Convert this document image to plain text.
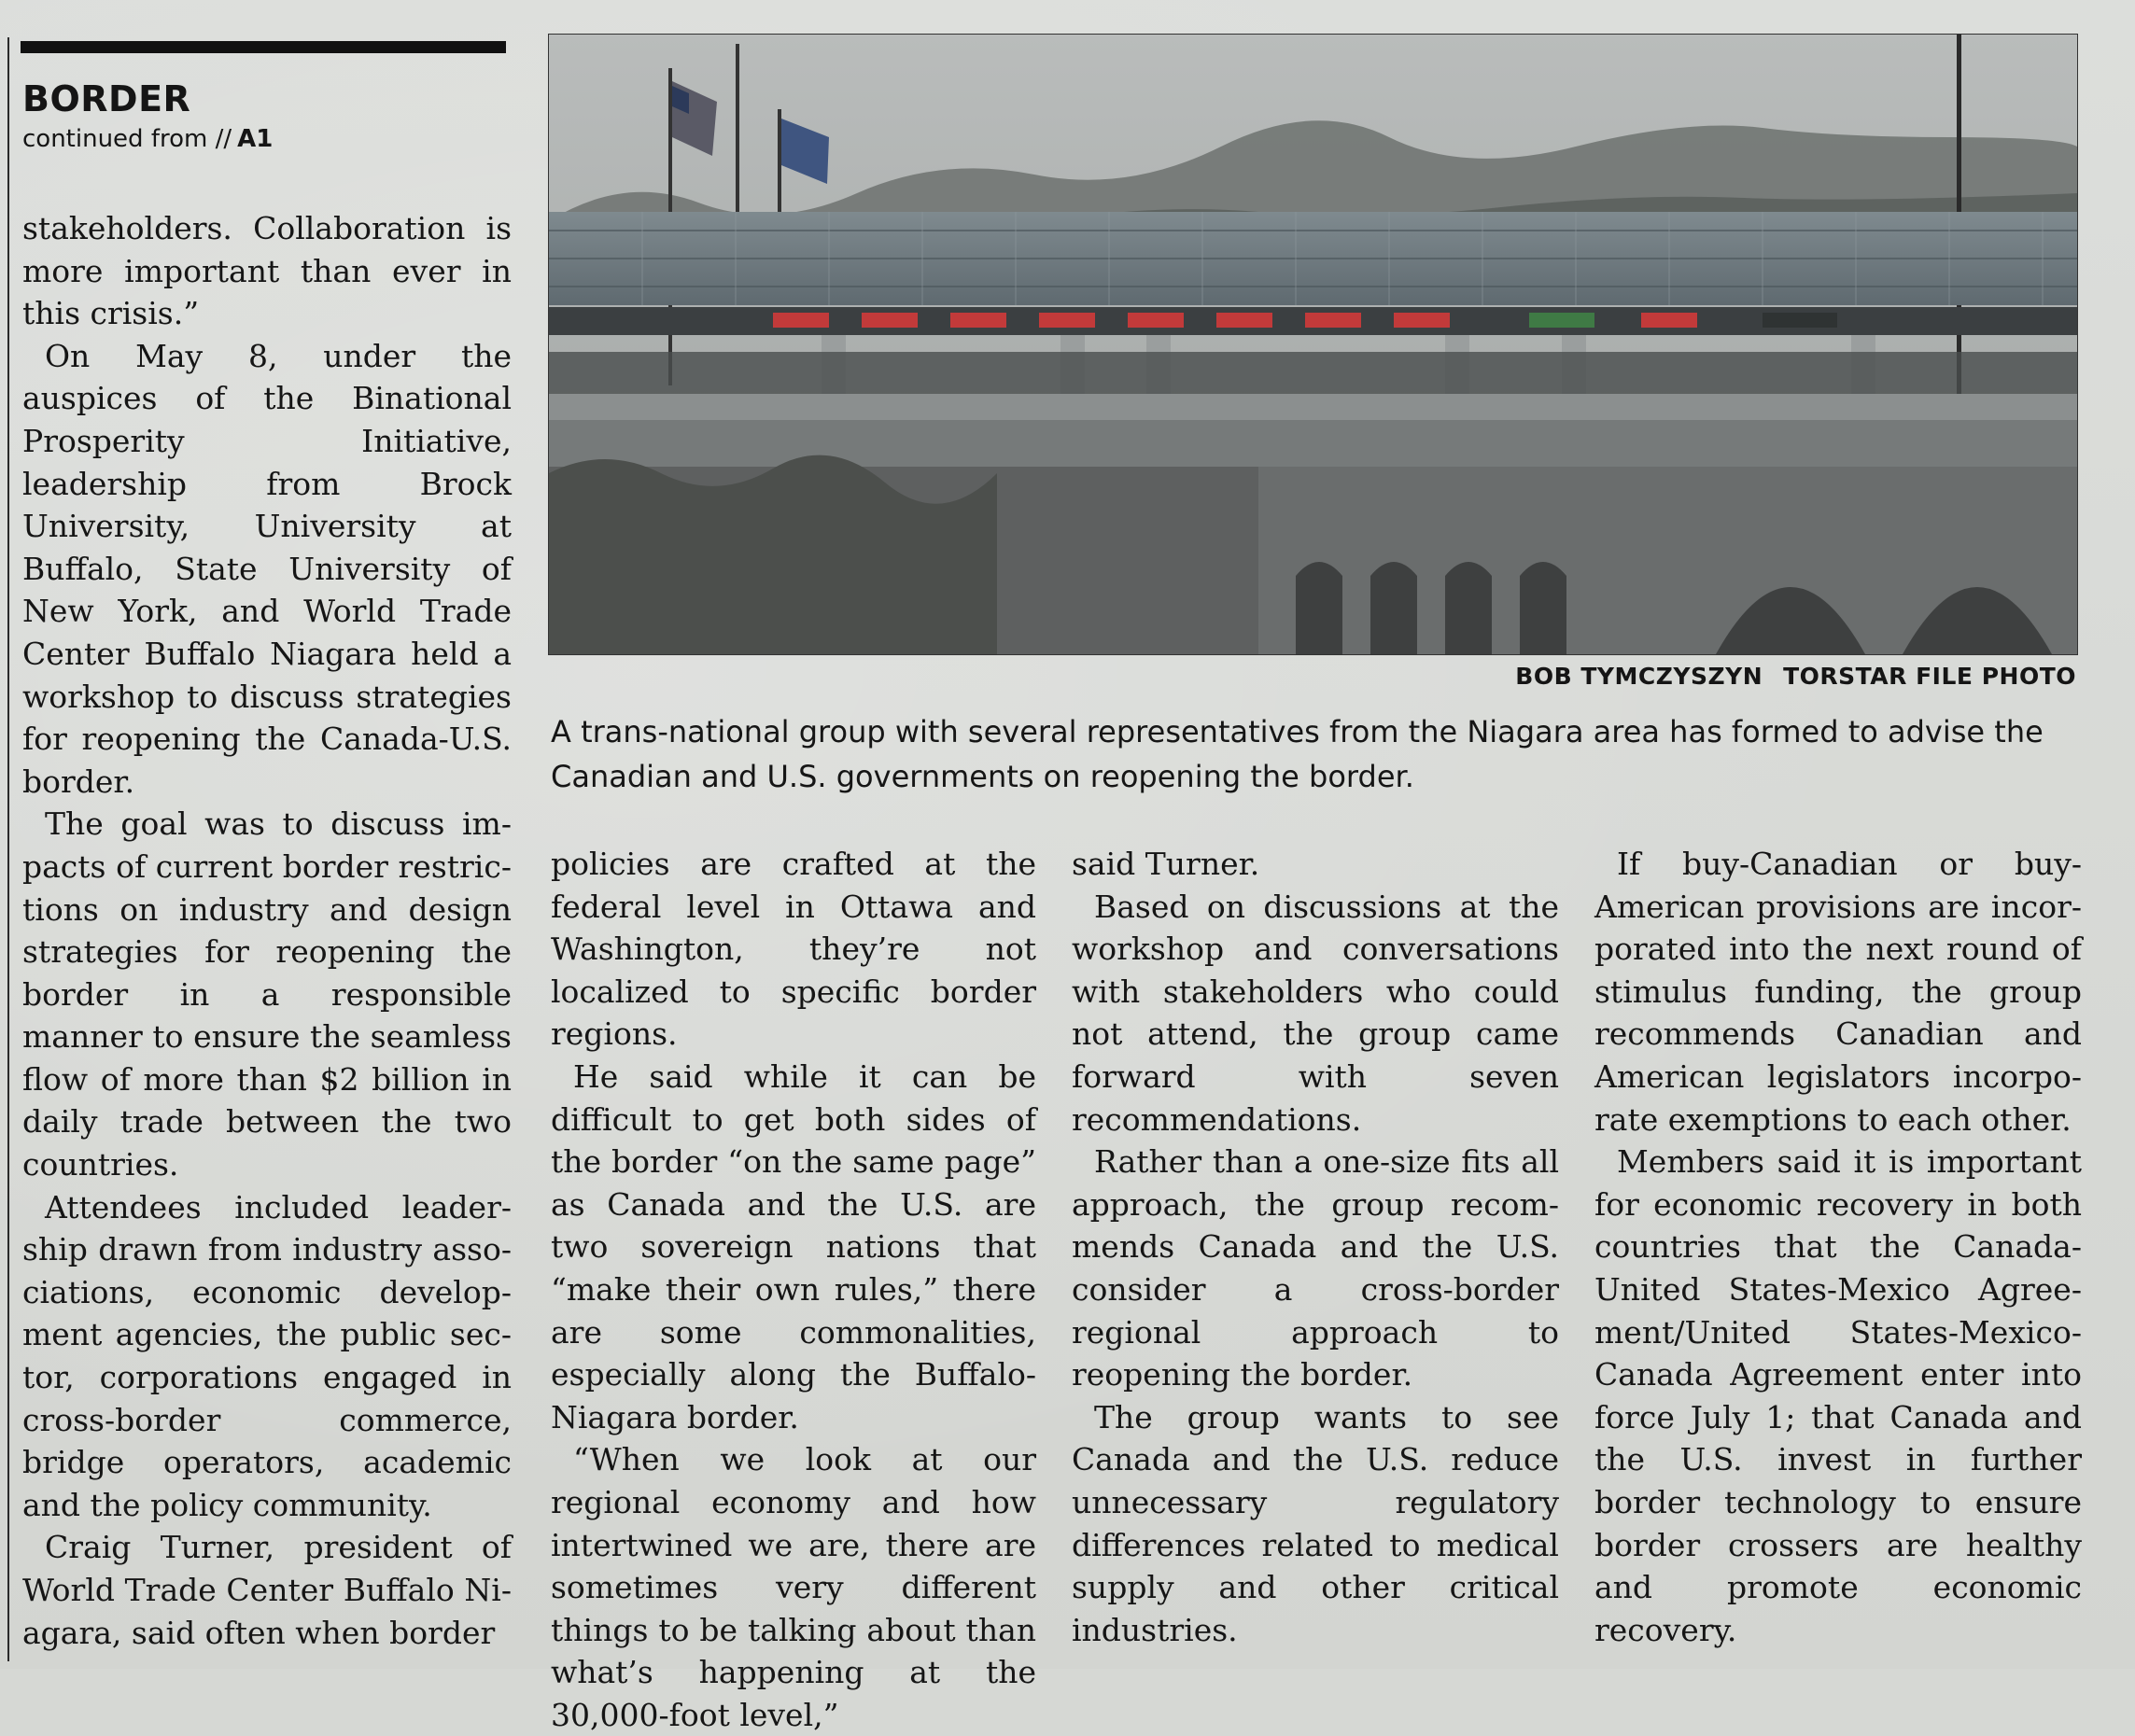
BORDER
continued from // A1

stakeholders. Collaboration is more important than ever in this crisis.”

On May 8, under the auspices of the Binational Prosperity Initiative, leadership from Brock University, University at Buffalo, State University of New York, and World Trade Center Buffalo Niagara held a workshop to discuss strategies for reopening the Canada-U.S. border.

The goal was to discuss impacts of current border restrictions on industry and design strategies for reopening the border in a responsible manner to ensure the seamless flow of more than $2 billion in daily trade between the two countries.

Attendees included leadership drawn from industry associations, economic development agencies, the public sector, corporations engaged in cross-border commerce, bridge operators, academic and the policy community.

Craig Turner, president of World Trade Center Buffalo Niagara, said often when border

BOB TYMCZYSZYN TORSTAR FILE PHOTO
A trans-national group with several representatives from the Niagara area has formed to advise the Canadian and U.S. governments on reopening the border.

policies are crafted at the federal level in Ottawa and Washington, they’re not localized to specific border regions.

He said while it can be difficult to get both sides of the border “on the same page” as Canada and the U.S. are two sovereign nations that “make their own rules,” there are some commonalities, especially along the Buffalo-Niagara border.

“When we look at our regional economy and how intertwined we are, there are sometimes very different things to be talking about than what’s happening at the 30,000-foot level,”

said Turner.

Based on discussions at the workshop and conversations with stakeholders who could not attend, the group came forward with seven recommendations.

Rather than a one-size fits all approach, the group recommends Canada and the U.S. consider a cross-border regional approach to reopening the border.

The group wants to see Canada and the U.S. reduce unnecessary regulatory differences related to medical supply and other critical industries.

If buy-Canadian or buy-American provisions are incorporated into the next round of stimulus funding, the group recommends Canadian and American legislators incorporate exemptions to each other.

Members said it is important for economic recovery in both countries that the Canada-United States-Mexico Agreement/United States-Mexico-Canada Agreement enter into force July 1; that Canada and the U.S. invest in further border technology to ensure border crossers are healthy and promote economic recovery.
